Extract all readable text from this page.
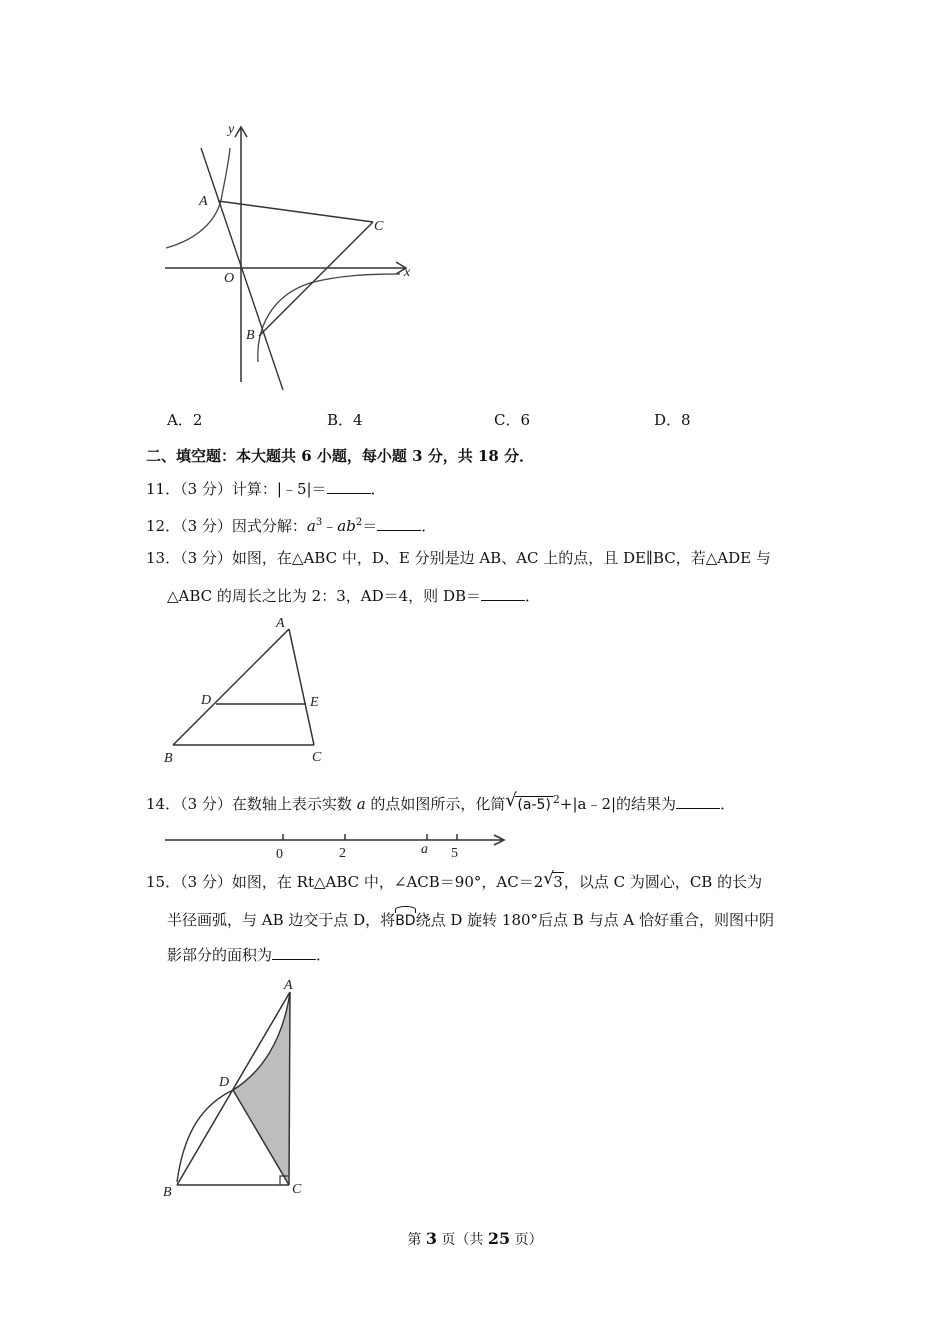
y
x
O
A
B
C
A．2	B．4	C．6	D．8
二、填空题：本大题共 6 小题，每小题 3 分，共 18 分．
11．（3 分）计算：|﹣5|＝	．
12．（3 分）因式分解：$a^3﹣ab^2=$	．
13．（3 分）如图，在△ABC 中，D、E 分别是边 AB、AC 上的点，且 DE∥BC，若△ADE 与
△ABC 的周长之比为 2：3，AD＝4，则 DB＝	．
A
B	C
D	E
14．（3 分）在数轴上表示实数 a 的点如图所示，化简 √ (a-5) $^2$+|a﹣2|的结果为	．
0	2	a 5
15．（3 分）如图，在 Rt△ABC 中，∠ACB＝90°，AC＝2 √ 3，以点 C 为圆心，CB 的长为
半径画弧，与 AB 边交于点 D，将
BD绕点 D 旋转 180°后点 B 与点 A 恰好重合，则图中阴
影部分的面积为	．
A
B	C
D
第 3 页（共 25 页）
